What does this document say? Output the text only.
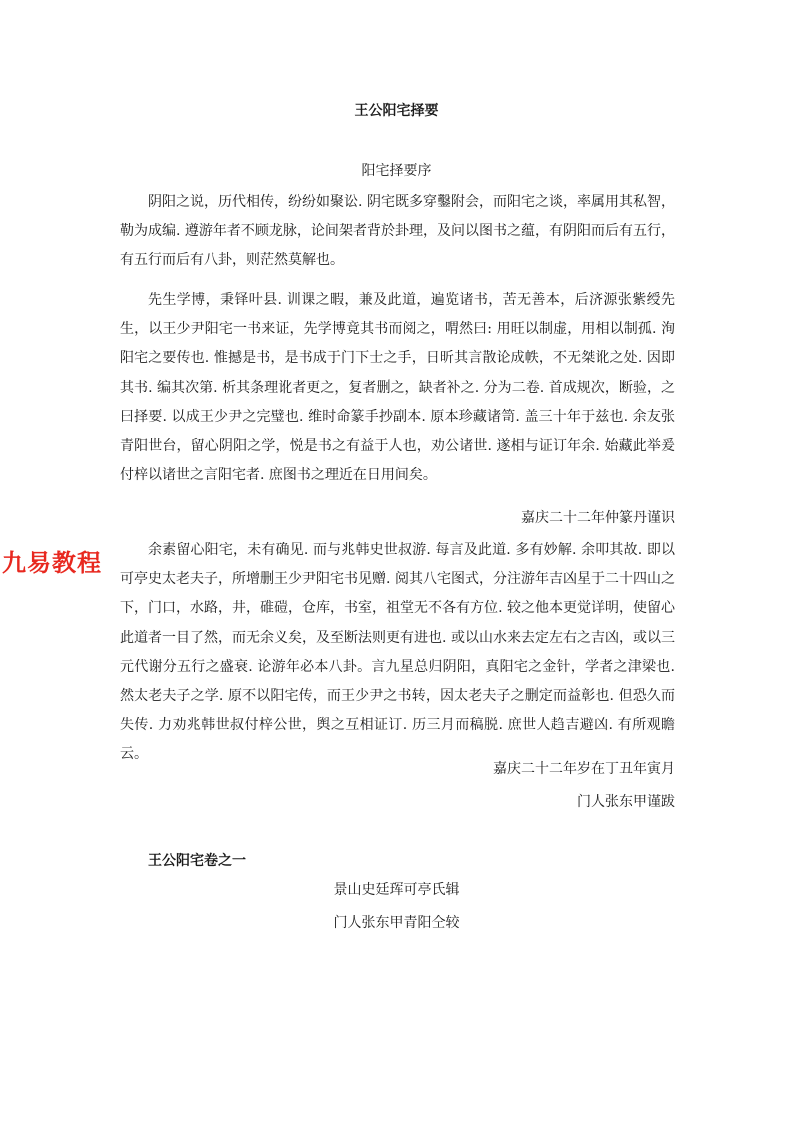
王公阳宅择要
阳宅择要序

阴阳之说，历代相传，纷纷如聚讼. 阴宅既多穿鑿附会，而阳宅之谈，率属用其私智，勒为成编. 遵游年者不顾龙脉，论间架者背於卦理，及问以图书之蕴，有阴阳而后有五行，有五行而后有八卦，则茫然莫解也。

先生学博，秉铎叶县. 训课之暇，兼及此道，遍览诸书，苦无善本，后济源张紫绶先生，以王少尹阳宅一书来证，先学博竟其书而阅之，喟然曰: 用旺以制虚，用相以制孤. 洵阳宅之要传也. 惟撼是书，是书成于门下士之手，日昕其言散论成帙，不无桀讹之处. 因即其书. 编其次第. 析其条理讹者更之，复者删之，缺者补之. 分为二卷. 首成规次，断验，之曰择要. 以成王少尹之完璧也. 维时命篆手抄副本. 原本珍藏诸笥. 盖三十年于兹也. 余友张青阳世台，留心阴阳之学，悦是书之有益于人也，劝公诸世. 遂相与证订年余. 始藏此举爰付梓以诸世之言阳宅者. 庶图书之理近在日用间矣。

嘉庆二十二年仲篆丹谨识
九易教程	余素留心阳宅，未有确见. 而与兆韩史世叔游. 每言及此道. 多有妙解. 余叩其故. 即以可亭史太老夫子，所增删王少尹阳宅书见赠. 阅其八宅图式，分注游年吉凶星于二十四山之下，门口，水路，井，碓磑，仓库，书室，祖堂无不各有方位. 较之他本更觉详明，使留心此道者一目了然，而无余义矣，及至断法则更有进也. 或以山水来去定左右之吉凶，或以三元代谢分五行之盛衰. 论游年必本八卦。言九星总归阴阳，真阳宅之金针，学者之津梁也. 然太老夫子之学. 原不以阳宅传，而王少尹之书转，因太老夫子之删定而益彰也. 但恐久而失传. 力劝兆韩世叔付梓公世，舆之互相证订. 历三月而稿脱. 庶世人趋吉避凶. 有所观瞻云。

嘉庆二十二年岁在丁丑年寅月
门人张东甲谨跋
王公阳宅卷之一
景山史廷珲可亭氏辑
门人张东甲青阳仝较
